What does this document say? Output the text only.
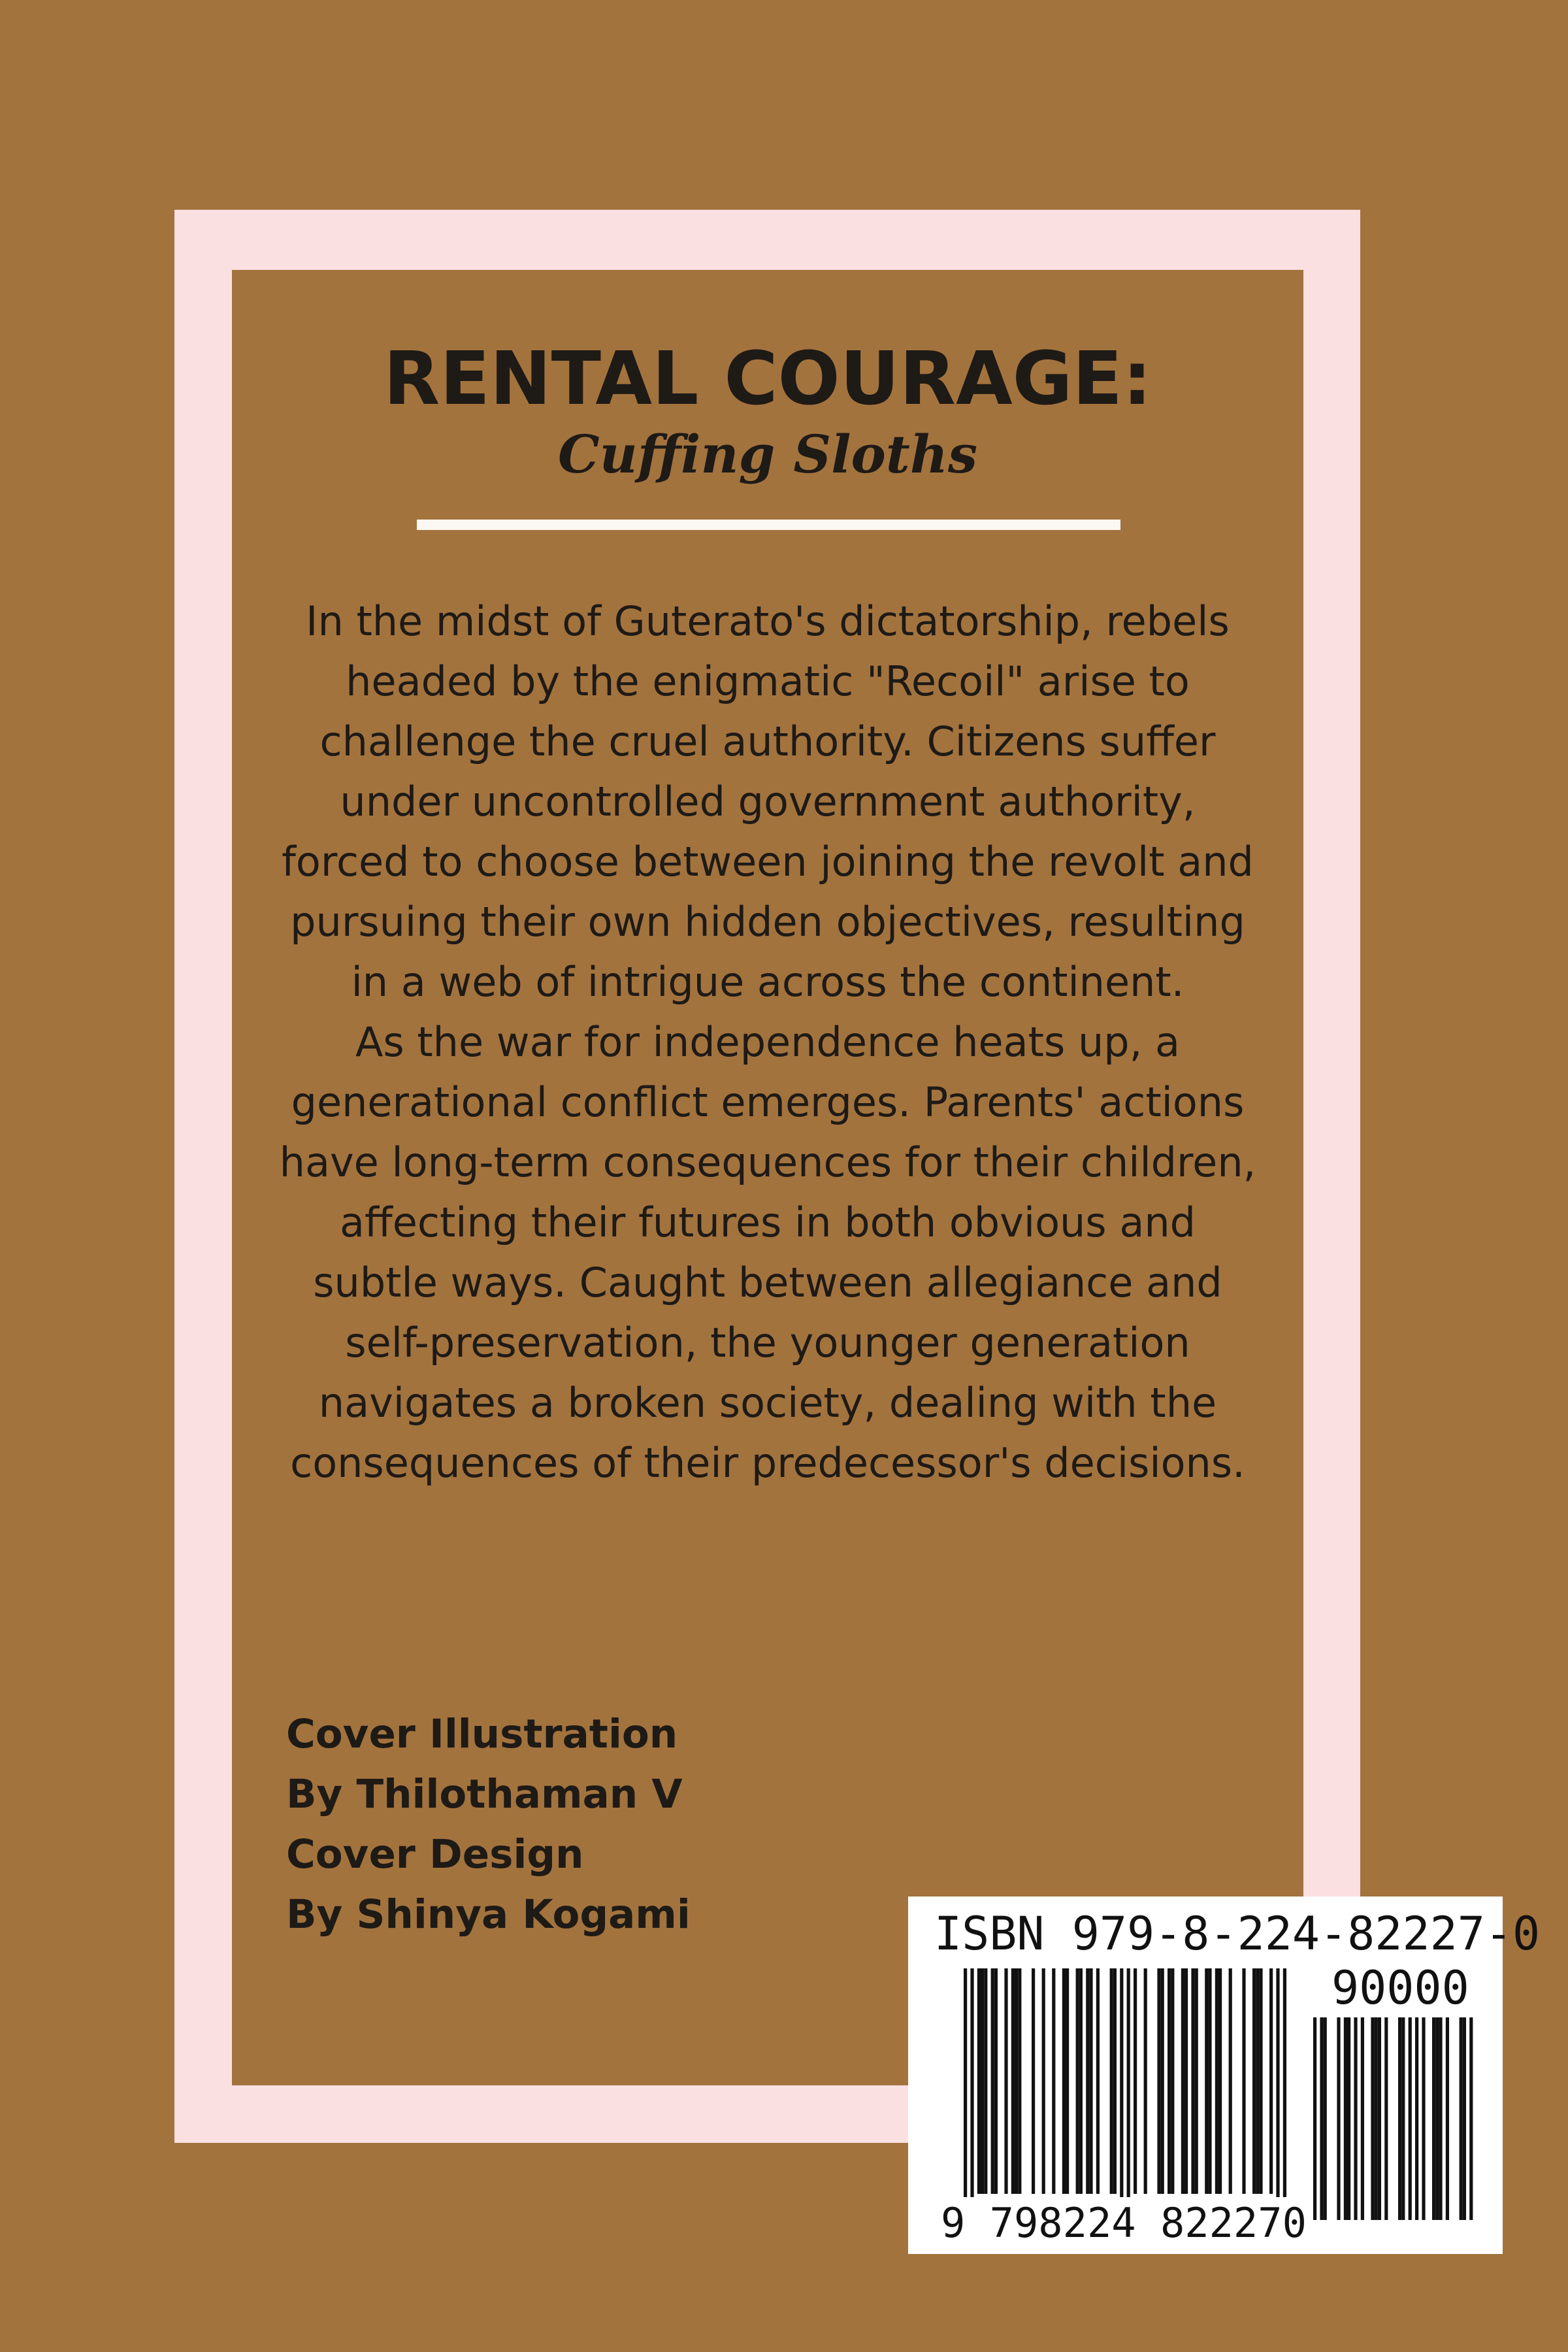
RENTAL COURAGE:
Cuffing Sloths

In the midst of Guterato's dictatorship, rebels headed by the enigmatic "Recoil" arise to challenge the cruel authority. Citizens suffer under uncontrolled government authority, forced to choose between joining the revolt and pursuing their own hidden objectives, resulting in a web of intrigue across the continent.

As the war for independence heats up, a generational conflict emerges. Parents' actions have long-term consequences for their children, affecting their futures in both obvious and subtle ways. Caught between allegiance and self-preservation, the younger generation navigates a broken society, dealing with the consequences of their predecessor's decisions.

Cover Illustration
By Thilothaman V
Cover Design
By Shinya Kogami	ISBN 979-8-224-82227-0
90000
9 798224 822270
